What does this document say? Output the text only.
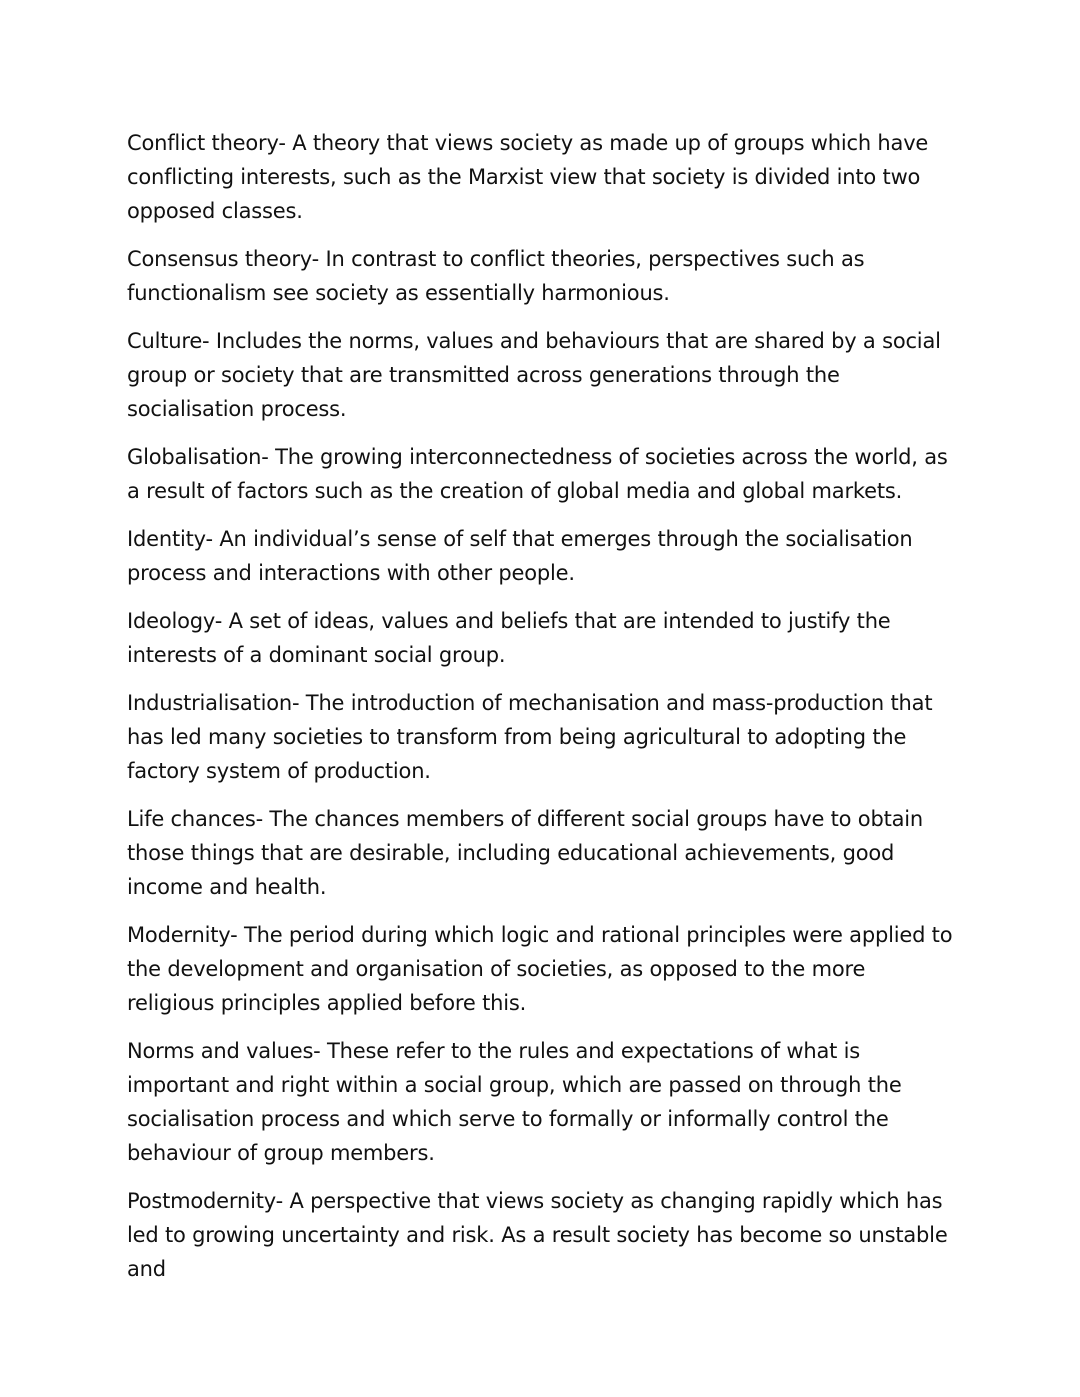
Conflict theory- A theory that views society as made up of groups which have conflicting interests, such as the Marxist view that society is divided into two opposed classes.

Consensus theory- In contrast to conflict theories, perspectives such as functionalism see society as essentially harmonious.

Culture- Includes the norms, values and behaviours that are shared by a social group or society that are transmitted across generations through the socialisation process.

Globalisation- The growing interconnectedness of societies across the world, as a result of factors such as the creation of global media and global markets.

Identity- An individual’s sense of self that emerges through the socialisation process and interactions with other people.

Ideology- A set of ideas, values and beliefs that are intended to justify the interests of a dominant social group.

Industrialisation- The introduction of mechanisation and mass-production that has led many societies to transform from being agricultural to adopting the factory system of production.

Life chances- The chances members of different social groups have to obtain those things that are desirable, including educational achievements, good income and health.

Modernity- The period during which logic and rational principles were applied to the development and organisation of societies, as opposed to the more religious principles applied before this.

Norms and values- These refer to the rules and expectations of what is important and right within a social group, which are passed on through the socialisation process and which serve to formally or informally control the behaviour of group members.

Postmodernity- A perspective that views society as changing rapidly which has led to growing uncertainty and risk. As a result society has become so unstable and
